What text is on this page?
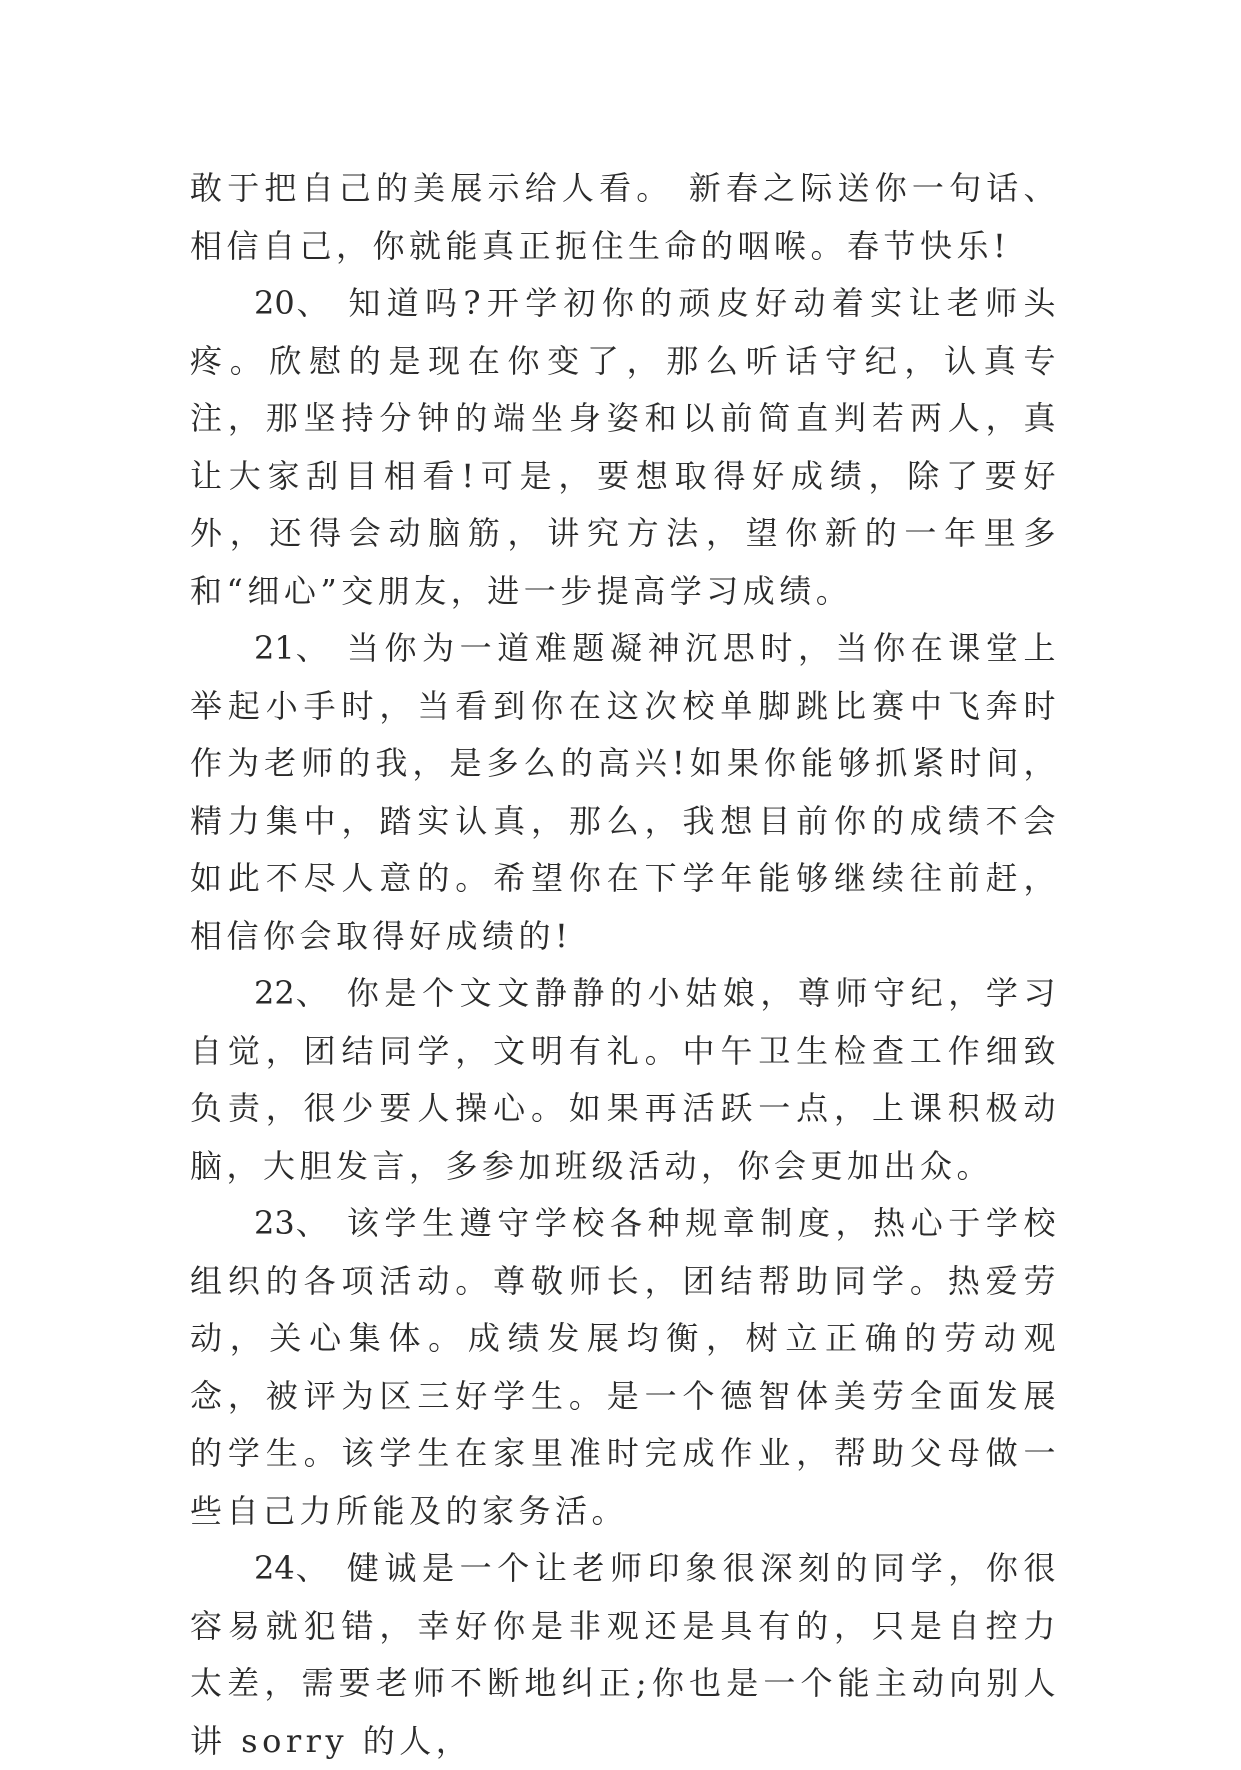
敢于把自己的美展示给人看。 新春之际送你一句话、相信自己，你就能真正扼住生命的咽喉。春节快乐!

20、 知道吗?开学初你的顽皮好动着实让老师头疼。欣慰的是现在你变了，那么听话守纪，认真专注，那坚持分钟的端坐身姿和以前简直判若两人，真让大家刮目相看!可是，要想取得好成绩，除了要好外，还得会动脑筋，讲究方法，望你新的一年里多和“细心”交朋友，进一步提高学习成绩。

21、 当你为一道难题凝神沉思时，当你在课堂上举起小手时，当看到你在这次校单脚跳比赛中飞奔时作为老师的我，是多么的高兴!如果你能够抓紧时间，精力集中，踏实认真，那么，我想目前你的成绩不会如此不尽人意的。希望你在下学年能够继续往前赶，相信你会取得好成绩的!

22、 你是个文文静静的小姑娘，尊师守纪，学习自觉，团结同学，文明有礼。中午卫生检查工作细致负责，很少要人操心。如果再活跃一点，上课积极动脑，大胆发言，多参加班级活动，你会更加出众。

23、 该学生遵守学校各种规章制度，热心于学校组织的各项活动。尊敬师长，团结帮助同学。热爱劳动，关心集体。成绩发展均衡，树立正确的劳动观念，被评为区三好学生。是一个德智体美劳全面发展的学生。该学生在家里准时完成作业，帮助父母做一些自己力所能及的家务活。

24、 健诚是一个让老师印象很深刻的同学，你很容易就犯错，幸好你是非观还是具有的，只是自控力太差，需要老师不断地纠正;你也是一个能主动向别人讲 sorry 的人，
